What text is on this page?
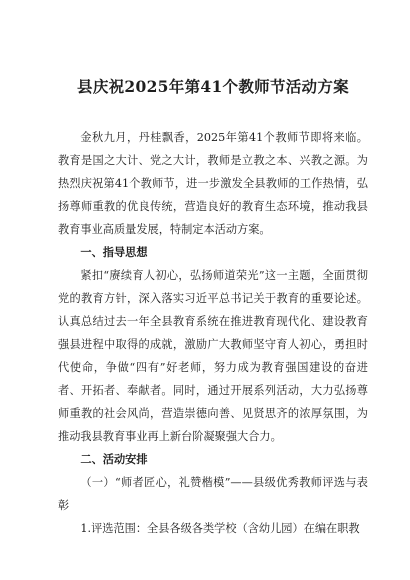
县庆祝2025年第41个教师节活动方案

金秋九月，丹桂飘香，2025年第41个教师节即将来临。教育是国之大计、党之大计，教师是立教之本、兴教之源。为热烈庆祝第41个教师节，进一步激发全县教师的工作热情，弘扬尊师重教的优良传统，营造良好的教育生态环境，推动我县教育事业高质量发展，特制定本活动方案。

一、指导思想

紧扣“赓续育人初心，弘扬师道荣光”这一主题，全面贯彻党的教育方针，深入落实习近平总书记关于教育的重要论述。认真总结过去一年全县教育系统在推进教育现代化、建设教育强县进程中取得的成就，激励广大教师坚守育人初心，勇担时代使命，争做“四有”好老师，努力成为教育强国建设的奋进者、开拓者、奉献者。同时，通过开展系列活动，大力弘扬尊师重教的社会风尚，营造崇德向善、见贤思齐的浓厚氛围，为推动我县教育事业再上新台阶凝聚强大合力。

二、活动安排

（一）“师者匠心，礼赞楷模”——县级优秀教师评选与表彰

1.评选范围：全县各级各类学校（含幼儿园）在编在职教
